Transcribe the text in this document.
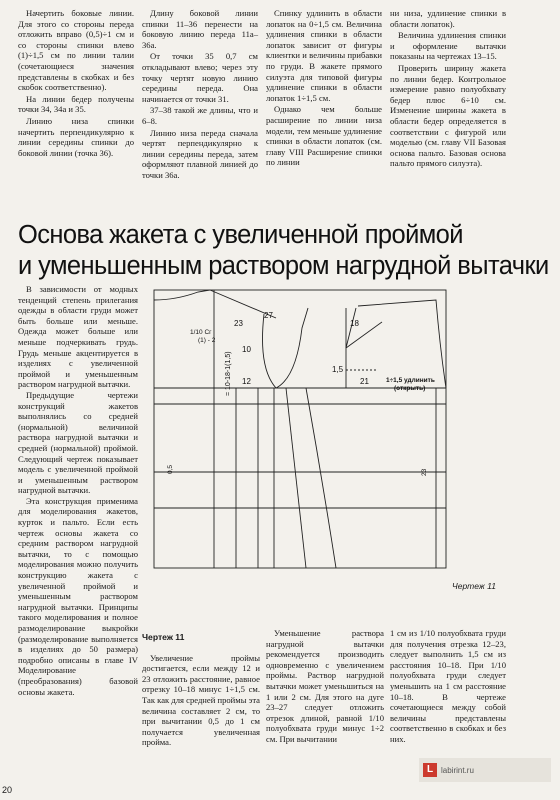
Начертить боковые линии. Для этого со стороны переда отложить вправо (0,5)÷1 см и со стороны спинки влево (1)÷1,5 см по линии талии (сочетающиеся значения представлены в скобках и без скобок соответственно).

На линии бедер получены точки 34, 34а и 35.

Линию низа спинки начертить перпендикулярно к линии середины спинки до боковой линии (точка 36).

Длину боковой линии спинки 11–36 перенести на боковую линию переда 11а–36а.

От точки 35 0,7 см откладывают влево; через эту точку чертят новую линию середины переда. Она начинается от точки 31.

37–38 такой же длины, что и 6–8.

Линию низа переда сначала чертят перпендикулярно к линии середины переда, затем оформляют плавной линией до точки 36а.

Спинку удлинить в области лопаток на 0÷1,5 см. Величина удлинения спинки в области лопаток зависит от фигуры клиентки и величины прибавки по груди. В жакете прямого силуэта для типовой фигуры удлинение спинки в области лопаток 1÷1,5 см.

Однако чем больше расширение по линии низа модели, тем меньше удлинение спинки в области лопаток (см. главу VIII Расширение спинки по линии

ни низа, удлинение спинки в области лопаток).

Величина удлинения спинки и оформление вытачки показаны на чертежах 13–15.

Проверить ширину жакета по линии бедер. Контрольное измерение равно полуобхвату бедер плюс 6÷10 см. Изменение ширины жакета в области бедер определяется в соответствии с фигурой или моделью (см. главу VII Базовая основа пальто. Базовая основа пальто прямого силуэта).

Основа жакета с увеличенной проймой
и уменьшенным раствором нагрудной вытачки

В зависимости от модных тенденций степень прилегания одежды в области груди может быть больше или меньше. Одежда может больше или меньше подчеркивать грудь. Грудь меньше акцентируется в изделиях с увеличенной проймой и уменьшенным раствором нагрудной вытачки.

Предыдущие чертежи конструкций жакетов выполнялись со средней (нормальной) величиной раствора нагрудной вытачки и средней (нормальной) проймой. Следующий чертеж показывает модель с увеличенной проймой и уменьшенным раствором нагрудной вытачки.

Эта конструкция применима для моделирования жакетов, курток и пальто. Если есть чертеж основы жакета со средним раствором нагрудной вытачки, то с помощью моделирования можно получить конструкцию жакета с увеличенной проймой и уменьшенным раствором нагрудной вытачки. Принципы такого моделирования и полное размоделирование выкройки (размоделирование выполняется в изделиях до 50 размера) подробно описаны в главе IV Моделирование (преобразования) базовой основы жакета.

23
27
18
21
12
10
1,5
1/10 Сг
(1) - 2
= 10-18-1(1,5)	1÷1,5 удлинить
(открыть)
23
0,5
Чертеж 11
Чертеж 11

Увеличение проймы достигается, если между 12 и 23 отложить расстояние, равное отрезку 10–18 минус 1÷1,5 см. Так как для средней проймы эта величина составляет 2 см, то при вычитании 0,5 до 1 см получается увеличенная пройма.

Уменьшение раствора нагрудной вытачки рекомендуется производить одновременно с увеличением проймы. Раствор нагрудной вытачки может уменьшиться на 1 или 2 см. Для этого на дуге 23–27 следует отложить отрезок длиной, равной 1/10 полуобхвата груди минус 1÷2 см. При вычитании

1 см из 1/10 полуобхвата груди для получения отрезка 12–23, следует выполнить 1,5 см из расстояния 10–18. При 1/10 полуобхвата груди следует уменьшить на 1 см расстояние 10–18. В чертеже сочетающиеся между собой величины представлены соответственно в скобках и без них.

L labirint.ru
20
